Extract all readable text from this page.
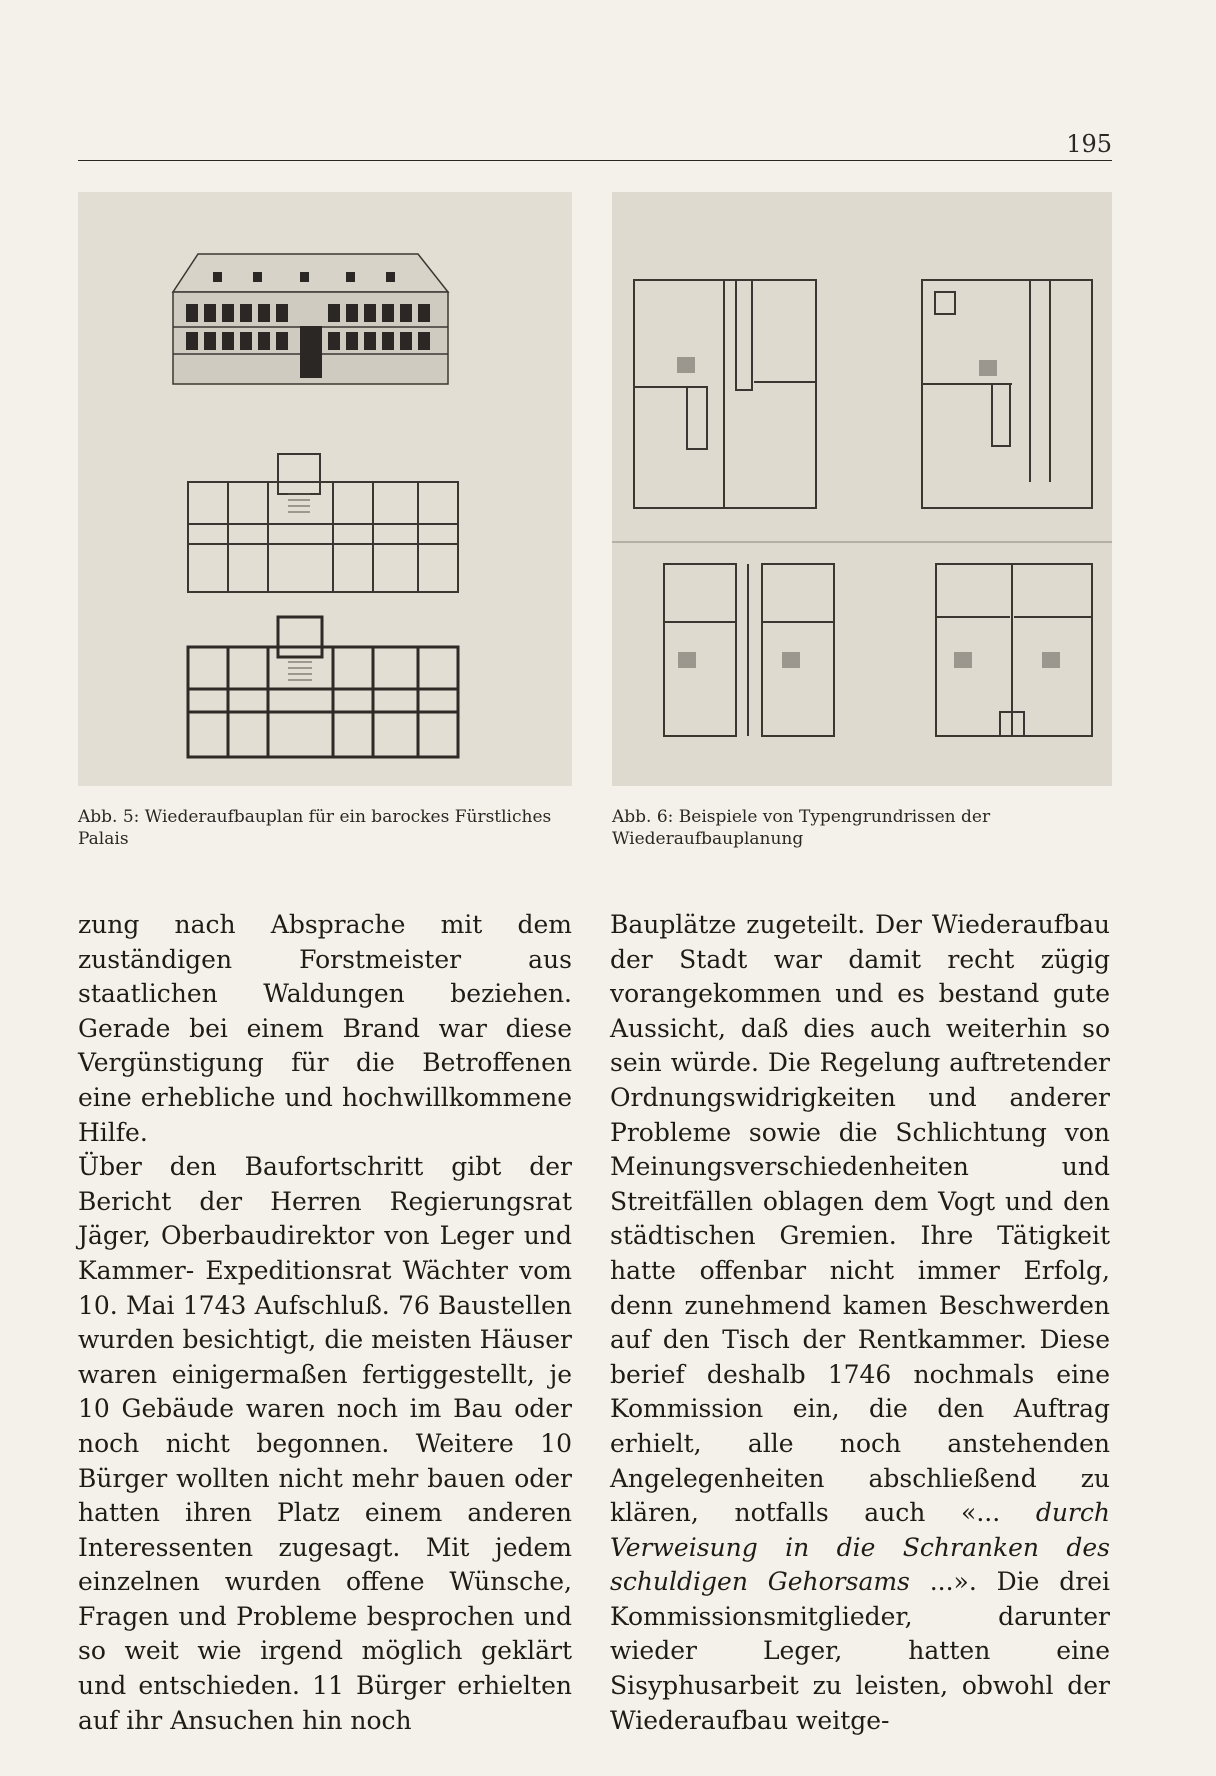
195
Abb. 5: Wiederaufbauplan für ein barockes Fürstliches Palais
Abb. 6: Beispiele von Typengrundrissen der Wiederaufbauplanung

zung nach Absprache mit dem zuständigen Forstmeister aus staatlichen Waldungen beziehen. Gerade bei einem Brand war diese Vergünstigung für die Betroffenen eine erhebliche und hochwillkommene Hilfe.

Über den Baufortschritt gibt der Bericht der Herren Regierungsrat Jäger, Oberbaudirektor von Leger und Kammer- Expeditionsrat Wächter vom 10. Mai 1743 Aufschluß. 76 Baustellen wurden besichtigt, die meisten Häuser waren einigermaßen fertiggestellt, je 10 Gebäude waren noch im Bau oder noch nicht begonnen. Weitere 10 Bürger wollten nicht mehr bauen oder hatten ihren Platz einem anderen Interessenten zugesagt. Mit jedem einzelnen wurden offene Wünsche, Fragen und Probleme besprochen und so weit wie irgend möglich geklärt und entschieden. 11 Bürger erhielten auf ihr Ansuchen hin noch

Bauplätze zugeteilt. Der Wiederaufbau der Stadt war damit recht zügig vorangekommen und es bestand gute Aussicht, daß dies auch weiterhin so sein würde. Die Regelung auftretender Ordnungswidrigkeiten und anderer Probleme sowie die Schlichtung von Meinungsverschiedenheiten und Streitfällen oblagen dem Vogt und den städtischen Gremien. Ihre Tätigkeit hatte offenbar nicht immer Erfolg, denn zunehmend kamen Beschwerden auf den Tisch der Rentkammer. Diese berief deshalb 1746 nochmals eine Kommission ein, die den Auftrag erhielt, alle noch anstehenden Angelegenheiten abschließend zu klären, notfalls auch «... durch Verweisung in die Schranken des schuldigen Gehorsams ...». Die drei Kommissionsmitglieder, darunter wieder Leger, hatten eine Sisyphusarbeit zu leisten, obwohl der Wiederaufbau weitge-
